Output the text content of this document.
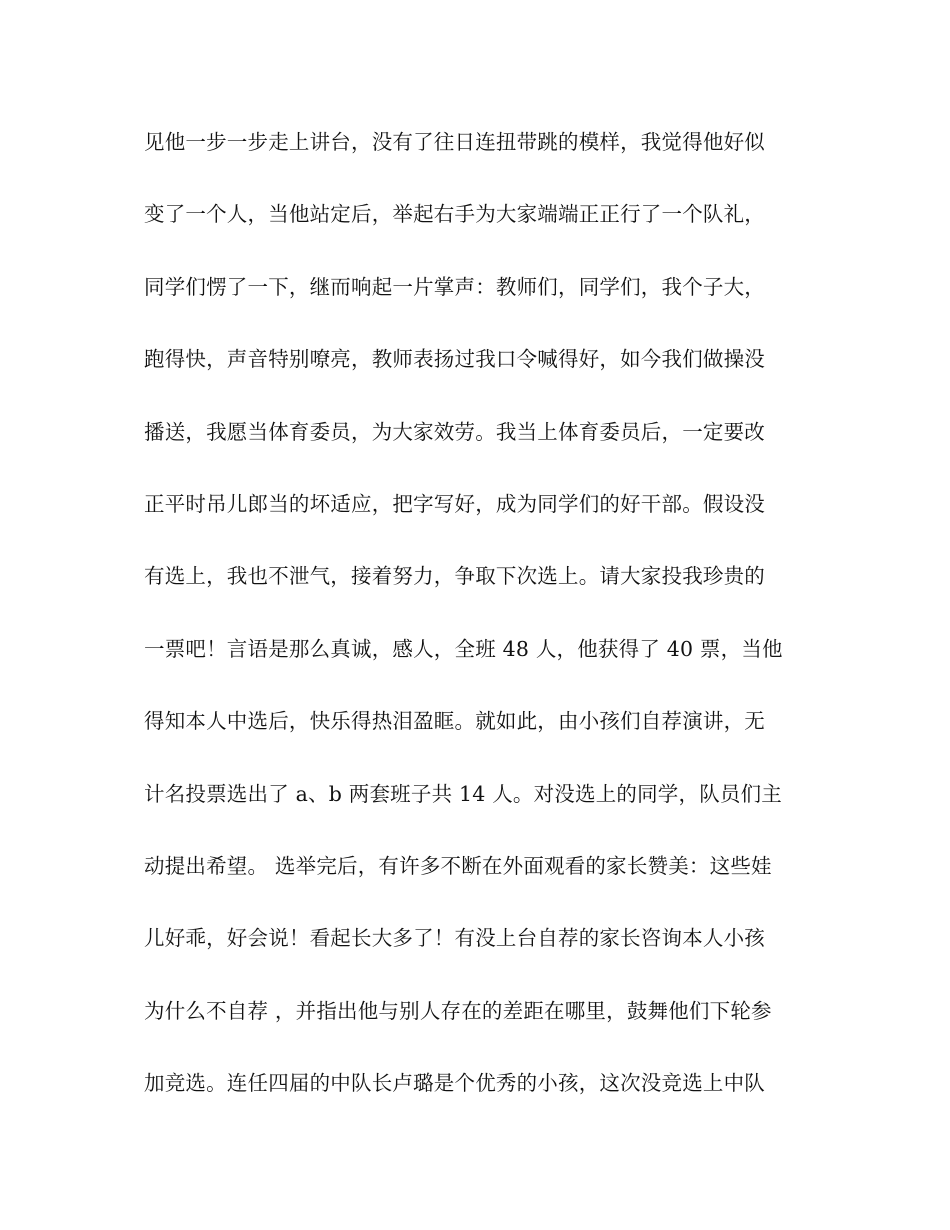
见他一步一步走上讲台，没有了往日连扭带跳的模样，我觉得他好似
变了一个人，当他站定后，举起右手为大家端端正正行了一个队礼，
同学们愣了一下，继而响起一片掌声：教师们，同学们，我个子大，
跑得快，声音特别嘹亮，教师表扬过我口令喊得好，如今我们做操没
播送，我愿当体育委员，为大家效劳。我当上体育委员后，一定要改
正平时吊儿郎当的坏适应，把字写好，成为同学们的好干部。假设没
有选上，我也不泄气，接着努力，争取下次选上。请大家投我珍贵的
一票吧！言语是那么真诚，感人，全班 48 人，他获得了 40 票，当他
得知本人中选后，快乐得热泪盈眶。就如此，由小孩们自荐演讲，无
计名投票选出了 a、b 两套班子共 14 人。对没选上的同学，队员们主
动提出希望。 选举完后，有许多不断在外面观看的家长赞美：这些娃
儿好乖，好会说！看起长大多了！有没上台自荐的家长咨询本人小孩
为什么不自荐 ，并指出他与别人存在的差距在哪里，鼓舞他们下轮参
加竞选。连任四届的中队长卢璐是个优秀的小孩，这次没竞选上中队
